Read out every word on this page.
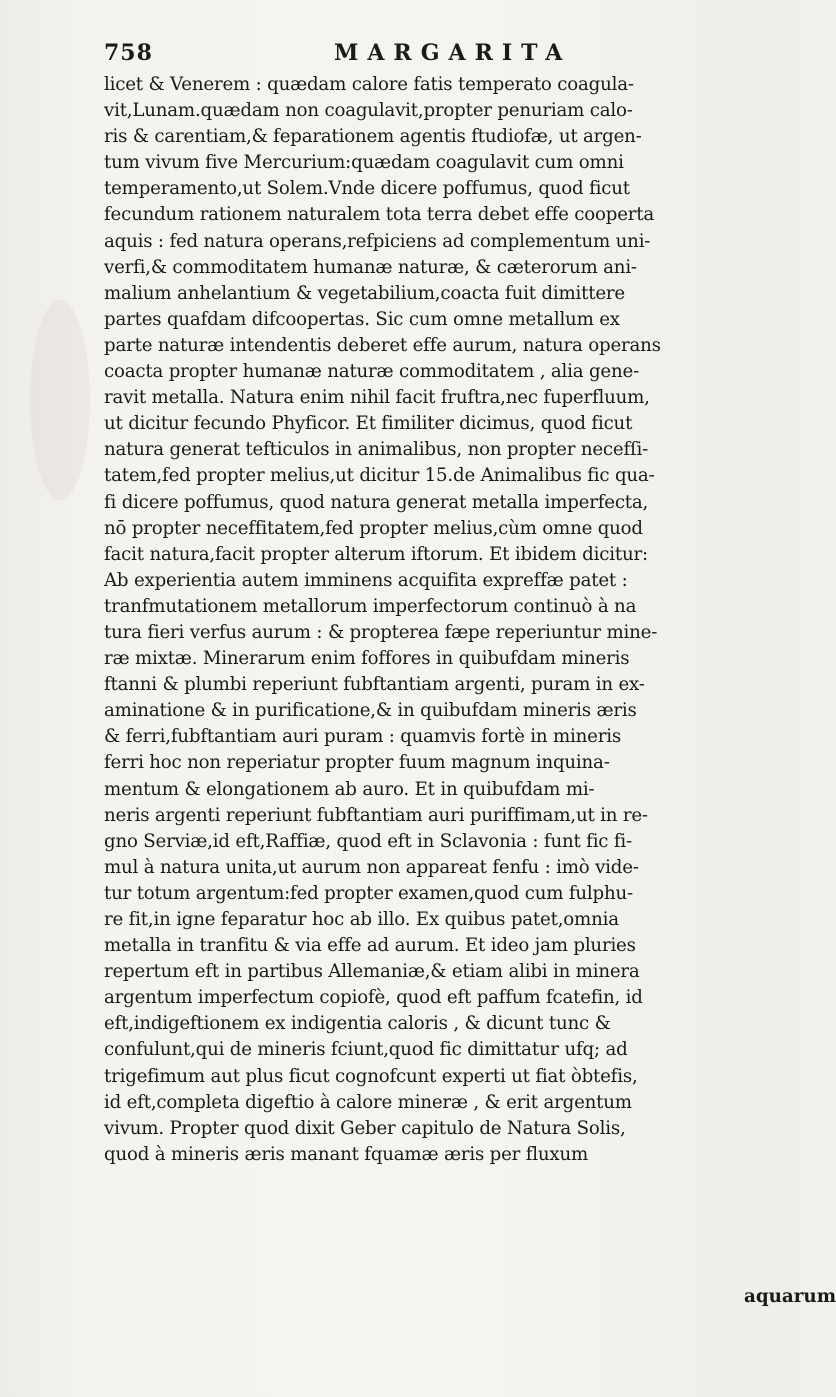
758	MARGARITA
licet & Venerem : quædam calore fatis temperato coagula-
vit,Lunam.quædam non coagulavit,propter penuriam calo-
ris & carentiam,& feparationem agentis ftudiofæ, ut argen-
tum vivum five Mercurium:quædam coagulavit cum omni
temperamento,ut Solem.Vnde dicere poffumus, quod ficut
fecundum rationem naturalem tota terra debet effe cooperta
aquis : fed natura operans,refpiciens ad complementum uni-
verfi,& commoditatem humanæ naturæ, & cæterorum ani-
malium anhelantium & vegetabilium,coacta fuit dimittere
partes quafdam difcoopertas. Sic cum omne metallum ex
parte naturæ intendentis deberet effe aurum, natura operans
coacta propter humanæ naturæ commoditatem , alia gene-
ravit metalla. Natura enim nihil facit fruftra,nec fuperfluum,
ut dicitur fecundo Phyficor. Et fimiliter dicimus, quod ficut
natura generat tefticulos in animalibus, non propter necefſi-
tatem,fed propter melius,ut dicitur 15.de Animalibus fic qua-
fi dicere poffumus, quod natura generat metalla imperfecta,
nō propter neceffitatem,fed propter melius,cùm omne quod
facit natura,facit propter alterum iftorum. Et ibidem dicitur:
Ab experientia autem imminens acquifita expreffæ patet :
tranfmutationem metallorum imperfectorum continuò à na
tura fieri verfus aurum : & propterea fæpe reperiuntur mine-
ræ mixtæ. Minerarum enim foffores in quibufdam mineris
ftanni & plumbi reperiunt fubftantiam argenti, puram in ex-
aminatione & in purificatione,& in quibufdam mineris æris
& ferri,fubftantiam auri puram : quamvis fortè in mineris
ferri hoc non reperiatur propter fuum magnum inquina-
mentum & elongationem ab auro. Et in quibufdam mi-
neris argenti reperiunt fubftantiam auri puriffimam,ut in re-
gno Serviæ,id eft,Raffiæ, quod eft in Sclavonia : funt fic fi-
mul à natura unita,ut aurum non appareat fenfu : imò vide-
tur totum argentum:fed propter examen,quod cum fulphu-
re fit,in igne feparatur hoc ab illo. Ex quibus patet,omnia
metalla in tranfitu & via effe ad aurum. Et ideo jam pluries
repertum eft in partibus Allemaniæ,& etiam alibi in minera
argentum imperfectum copiofè, quod eft paffum fcatefin, id
eft,indigeftionem ex indigentia caloris , & dicunt tunc &
confulunt,qui de mineris fciunt,quod fic dimittatur ufq; ad
trigefimum aut plus ficut cognofcunt experti ut fiat òbtefis,
id eft,completa digeftio à calore mineræ , & erit argentum
vivum. Propter quod dixit Geber capitulo de Natura Solis,
quod à mineris æris manant fquamæ æris per fluxum
aquarum
